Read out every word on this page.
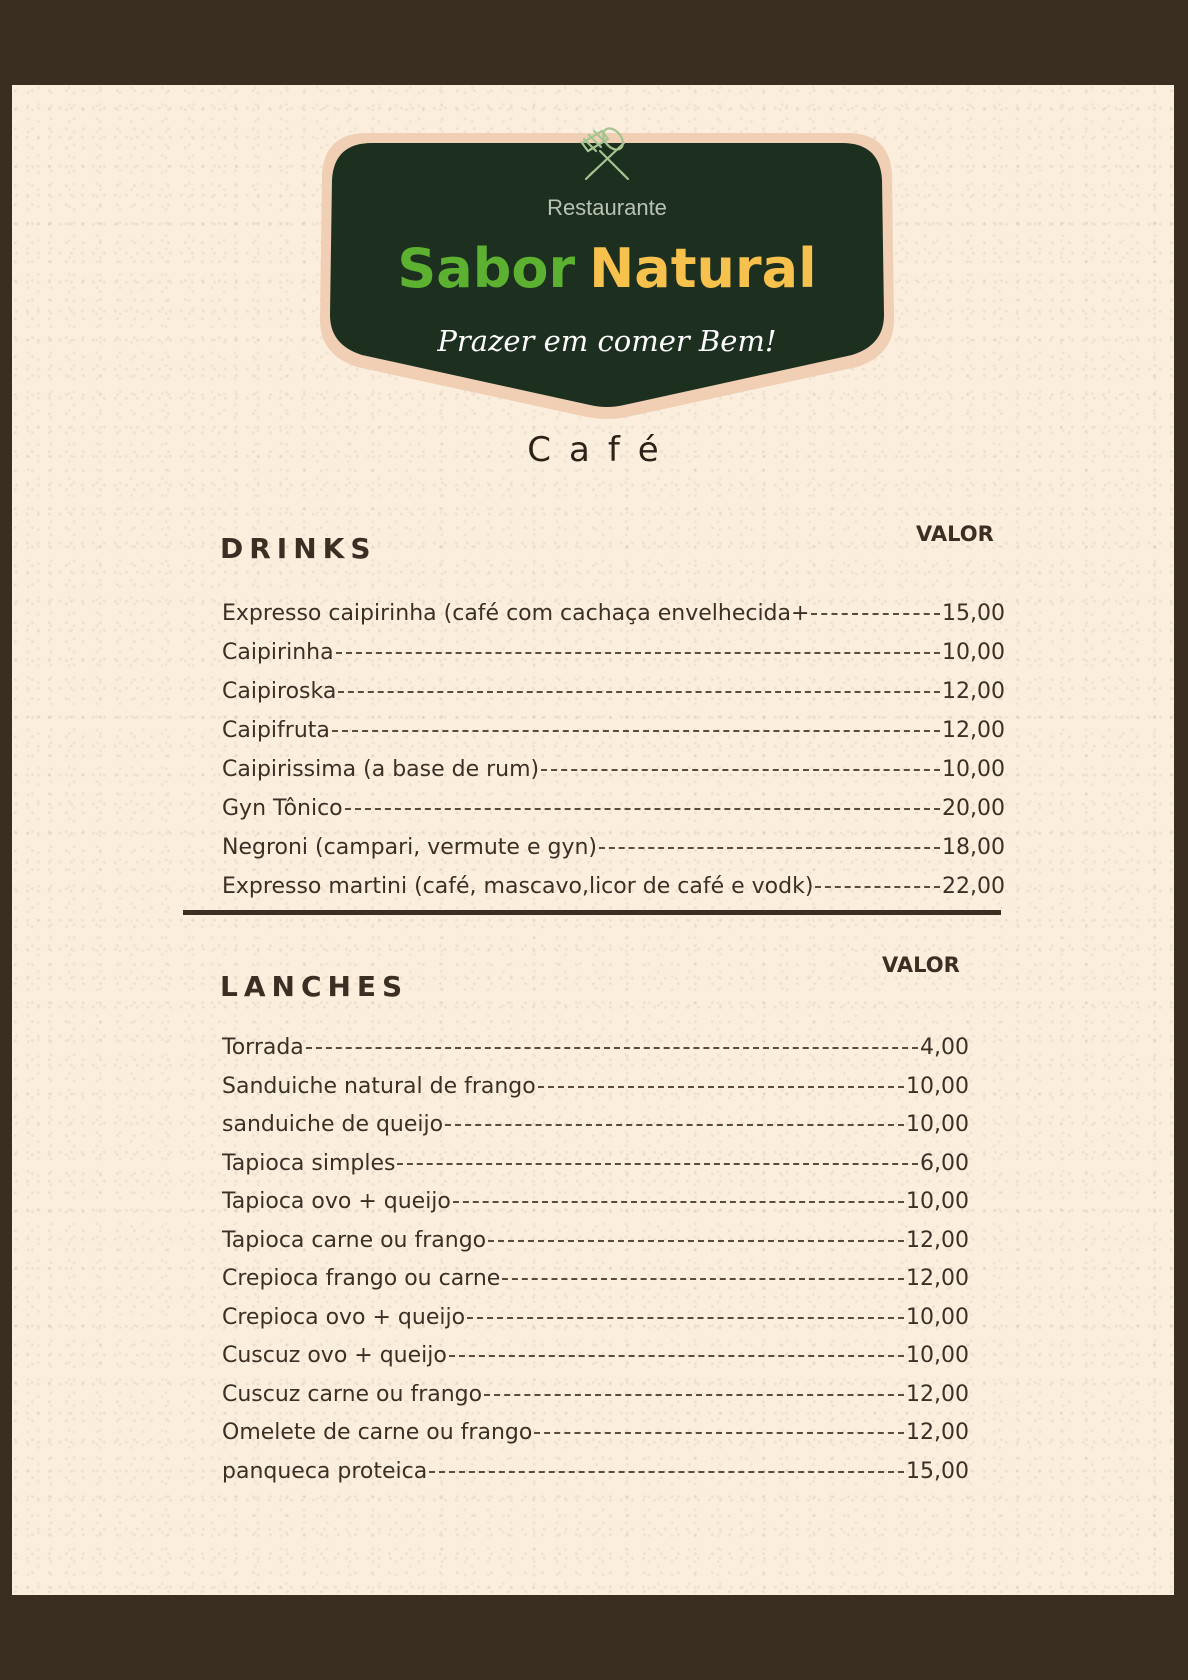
Restaurante
Sabor Natural
Prazer em comer Bem!
Café
DRINKS	VALOR
Expresso caipirinha (café com cachaça envelhecida+	15,00
Caipirinha	10,00
Caipiroska	12,00
Caipifruta	12,00
Caipirissima (a base de rum)	10,00
Gyn Tônico	20,00
Negroni (campari, vermute e gyn)	18,00
Expresso martini (café, mascavo,licor de café e vodk)	22,00
LANCHES
VALOR
Torrada	4,00
Sanduiche natural de frango	10,00
sanduiche de queijo	10,00
Tapioca simples	6,00
Tapioca ovo + queijo	10,00
Tapioca carne ou frango	12,00
Crepioca frango ou carne	12,00
Crepioca ovo + queijo	10,00
Cuscuz ovo + queijo	10,00
Cuscuz carne ou frango	12,00
Omelete de carne ou frango	12,00
panqueca proteica	15,00
